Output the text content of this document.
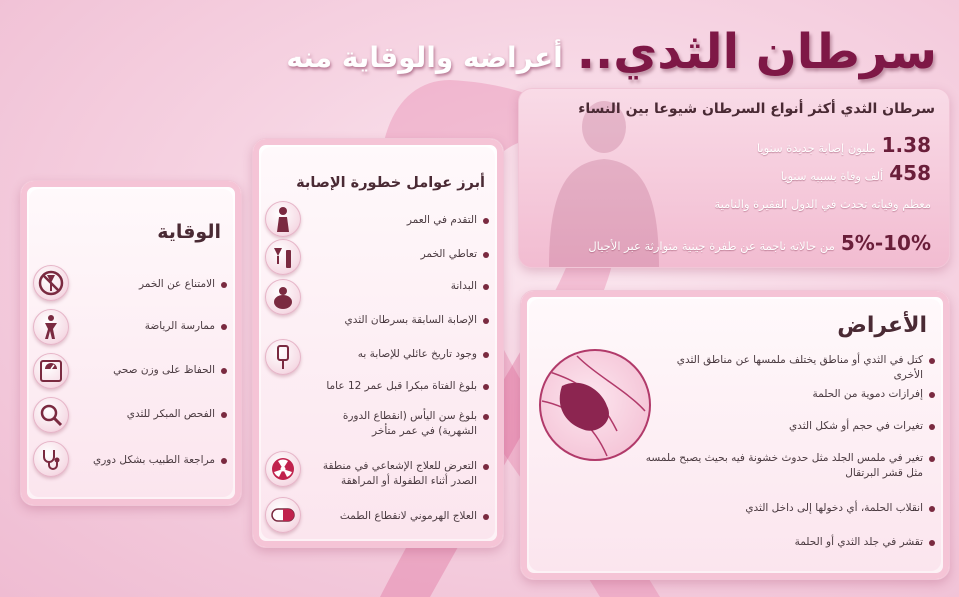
سرطان الثدي..
أعراضه والوقاية منه
سرطان الثدي أكثر أنواع السرطان شيوعا بين النساء
1.38
مليون إصابة جديدة سنويا
458
ألف وفاة بسببه سنويا
معظم وفياته تحدث في الدول الفقيرة والنامية
5%-10%
من حالاته ناجمة عن طفرة جينية متوارثة عبر الأجيال
الأعراض
كتل في الثدي أو مناطق يختلف ملمسها عن مناطق الثدي الأخرى
إفرازات دموية من الحلمة
تغيرات في حجم أو شكل الثدي
تغير في ملمس الجلد مثل حدوث خشونة فيه بحيث يصبح ملمسه مثل قشر البرتقال
انقلاب الحلمة، أي دخولها إلى داخل الثدي
تقشر في جلد الثدي أو الحلمة
أبرز عوامل خطورة الإصابة
التقدم في العمر
تعاطي الخمر
البدانة
الإصابة السابقة بسرطان الثدي
وجود تاريخ عائلي للإصابة به
بلوغ الفتاة مبكرا قبل عمر 12 عاما
بلوغ سن اليأس (انقطاع الدورة الشهرية) في عمر متأخر
التعرض للعلاج الإشعاعي في منطقة الصدر أثناء الطفولة أو المراهقة
العلاج الهرموني لانقطاع الطمث
الوقاية
الامتناع عن الخمر
ممارسة الرياضة
الحفاظ على وزن صحي
الفحص المبكر للثدي
مراجعة الطبيب بشكل دوري
